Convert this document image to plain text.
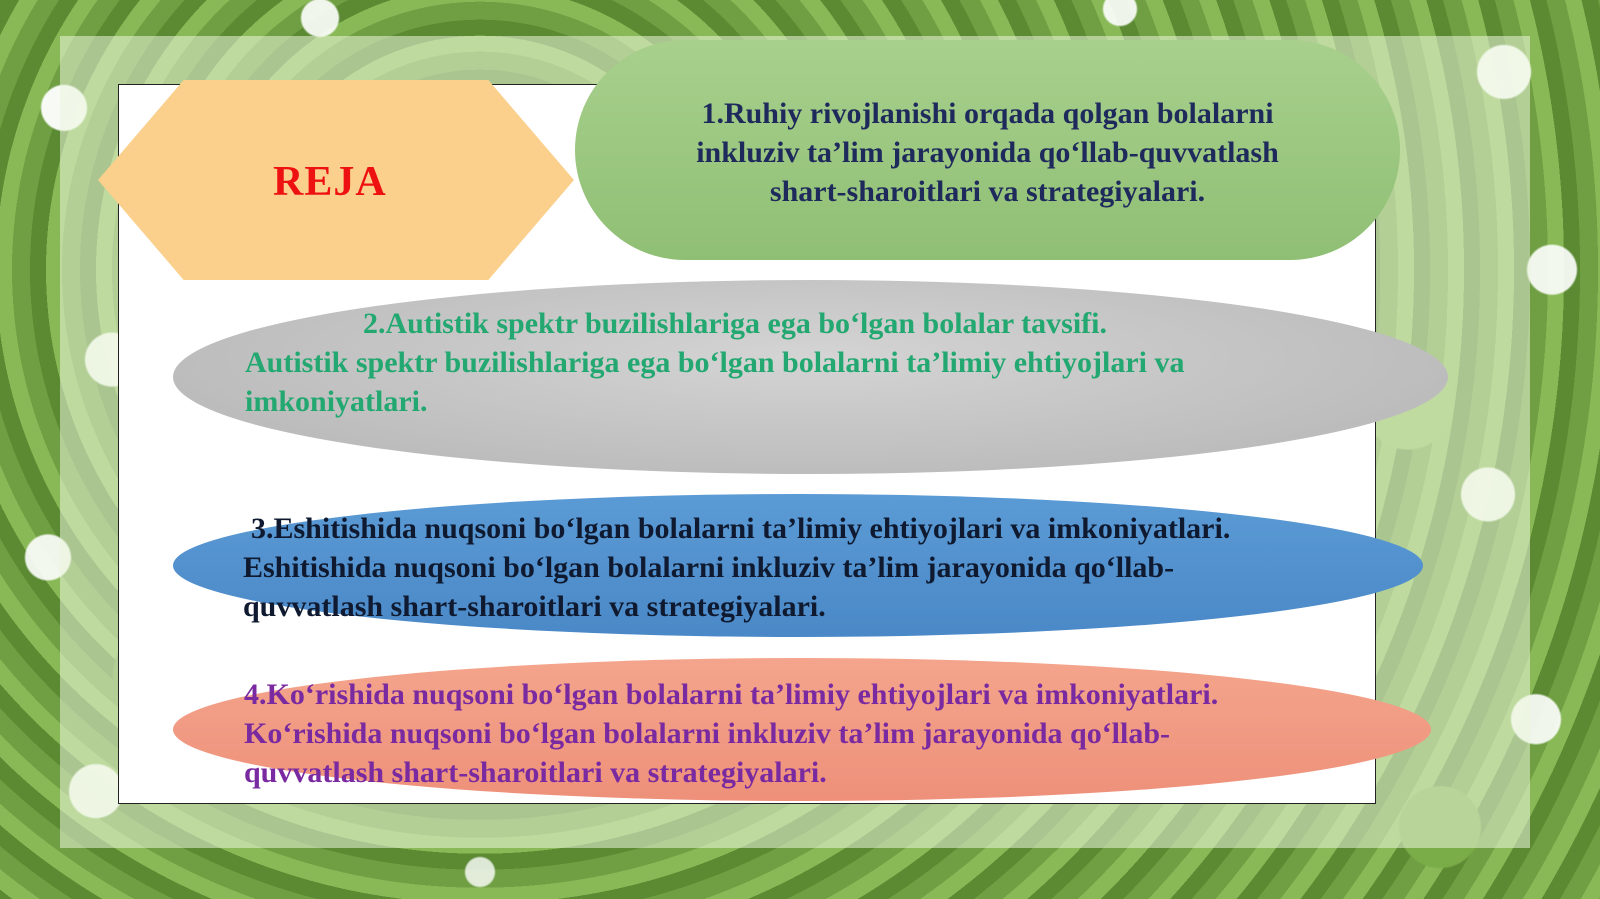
REJA
1.Ruhiy rivojlanishi orqada qolgan bolalarni
inkluziv ta’lim jarayonida qo‘llab-quvvatlash
shart-sharoitlari va strategiyalari.
2.Autistik spektr buzilishlariga ega bo‘lgan bolalar tavsifi.
Autistik spektr buzilishlariga ega bo‘lgan bolalarni ta’limiy ehtiyojlari va
imkoniyatlari.
3.Eshitishida nuqsoni bo‘lgan bolalarni ta’limiy ehtiyojlari va imkoniyatlari.
Eshitishida nuqsoni bo‘lgan bolalarni inkluziv ta’lim jarayonida qo‘llab-
quvvatlash shart-sharoitlari va strategiyalari.
4.Ko‘rishida nuqsoni bo‘lgan bolalarni ta’limiy ehtiyojlari va imkoniyatlari.
Ko‘rishida nuqsoni bo‘lgan bolalarni inkluziv ta’lim jarayonida qo‘llab-
quvvatlash shart-sharoitlari va strategiyalari.
